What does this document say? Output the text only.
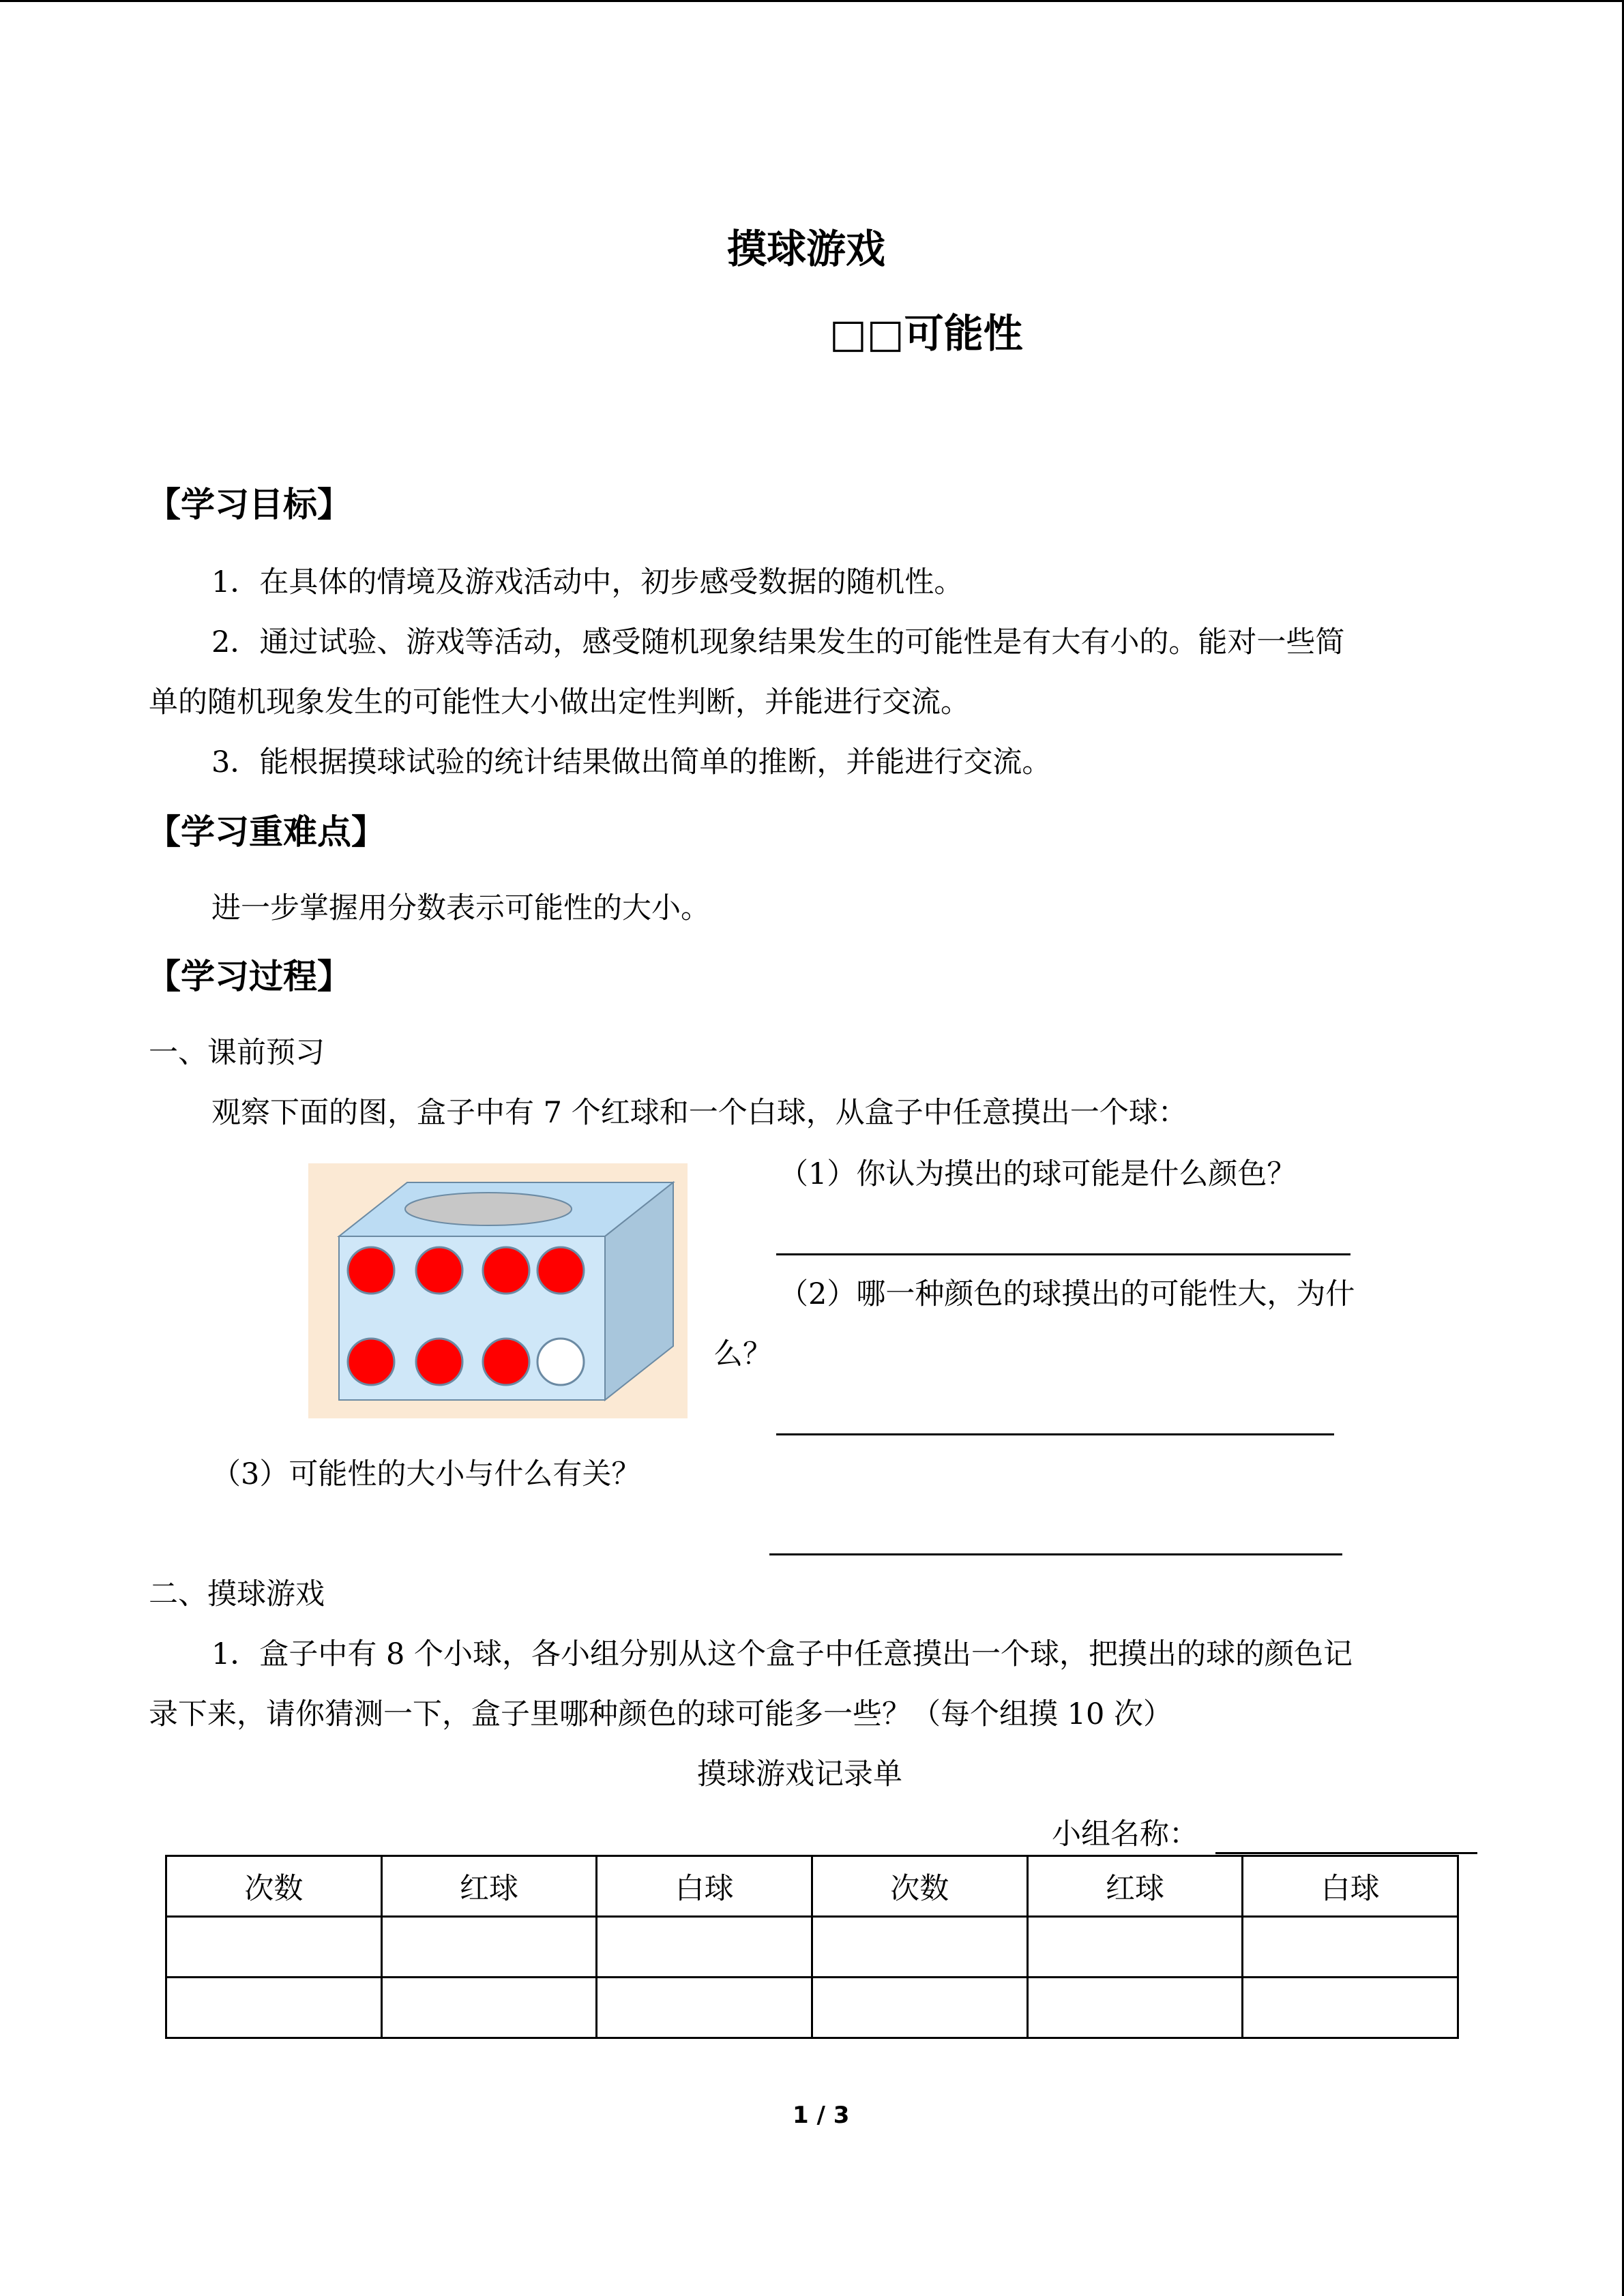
摸球游戏
□□可能性
【学习目标】
1．在具体的情境及游戏活动中，初步感受数据的随机性。
2．通过试验、游戏等活动，感受随机现象结果发生的可能性是有大有小的。能对一些简
单的随机现象发生的可能性大小做出定性判断，并能进行交流。
3．能根据摸球试验的统计结果做出简单的推断，并能进行交流。
【学习重难点】
进一步掌握用分数表示可能性的大小。
【学习过程】
一、课前预习
观察下面的图，盒子中有 7 个红球和一个白球，从盒子中任意摸出一个球：
（1）你认为摸出的球可能是什么颜色？
（2）哪一种颜色的球摸出的可能性大，为什
么？
（3）可能性的大小与什么有关？
二、摸球游戏
1．盒子中有 8 个小球，各小组分别从这个盒子中任意摸出一个球，把摸出的球的颜色记
录下来，请你猜测一下，盒子里哪种颜色的球可能多一些？（每个组摸 10 次）
摸球游戏记录单
小组名称：
次数	红球	白球	次数	红球	白球

1 / 3
